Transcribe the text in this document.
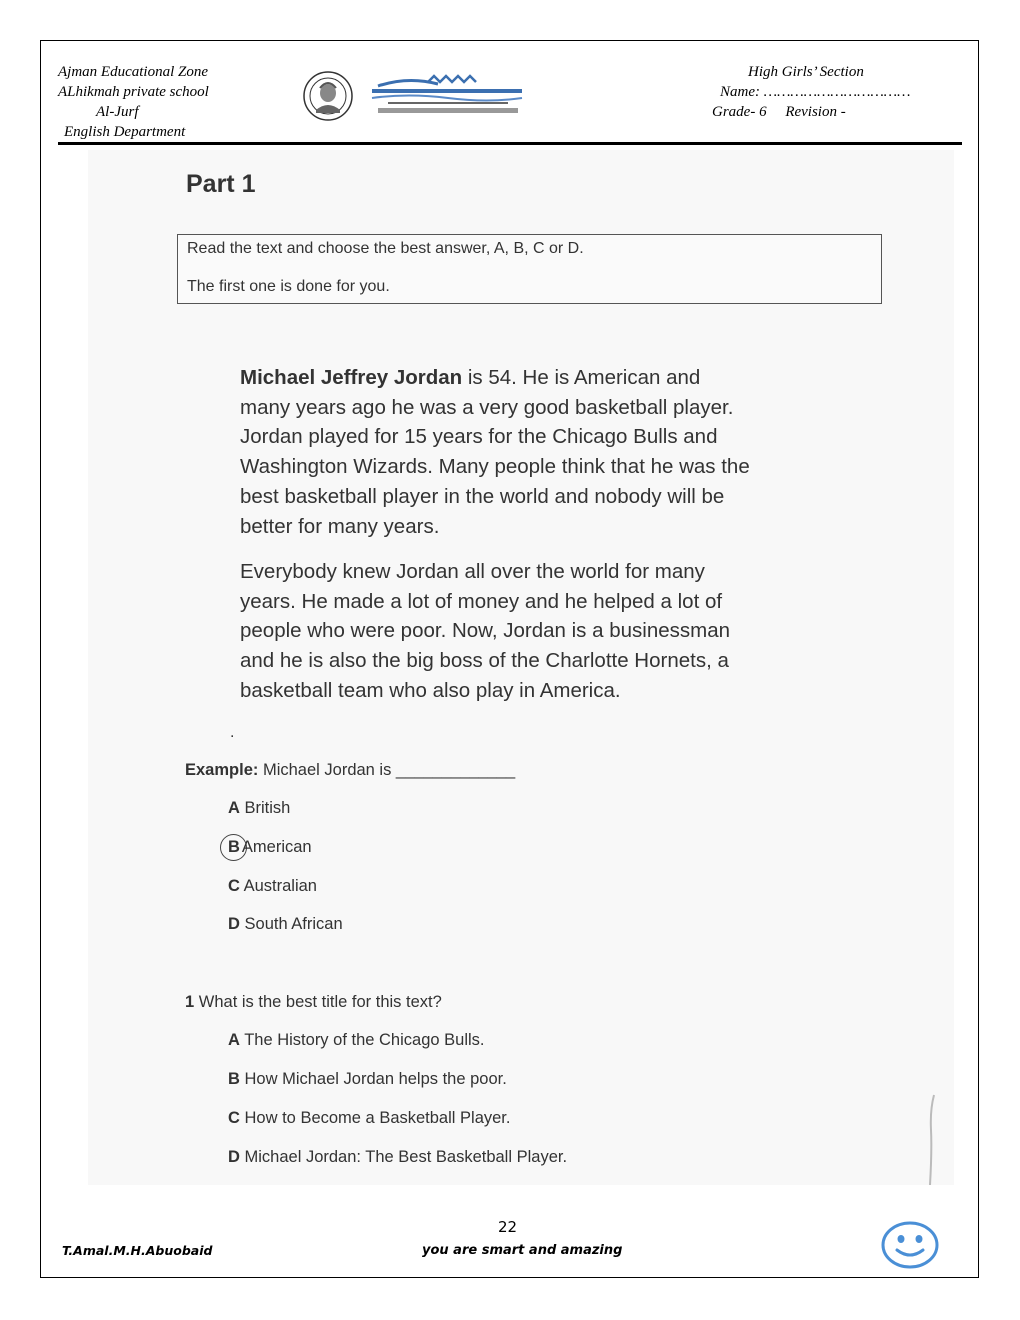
Ajman Educational Zone
ALhikmah private school
Al-Jurf
English Department
High Girls’ Section
Name: ……………………………
Grade- 6     Revision -
Part 1
Read the text and choose the best answer, A, B, C or D.
The first one is done for you.
Michael Jeffrey Jordan is 54. He is American and
many years ago he was a very good basketball player.
Jordan played for 15 years for the Chicago Bulls and
Washington Wizards. Many people think that he was the
best basketball player in the world and nobody will be
better for many years.
Everybody knew Jordan all over the world for many
years. He made a lot of money and he helped a lot of
people who were poor. Now, Jordan is a businessman
and he is also the big boss of the Charlotte Hornets, a
basketball team who also play in America.
.
Example: Michael Jordan is _____________
A British
B American
C Australian
D South African
1 What is the best title for this text?
A The History of the Chicago Bulls.
B How Michael Jordan helps the poor.
C How to Become a Basketball Player.
D Michael Jordan: The Best Basketball Player.
22
T.Amal.M.H.Abuobaid	you are smart and amazing
